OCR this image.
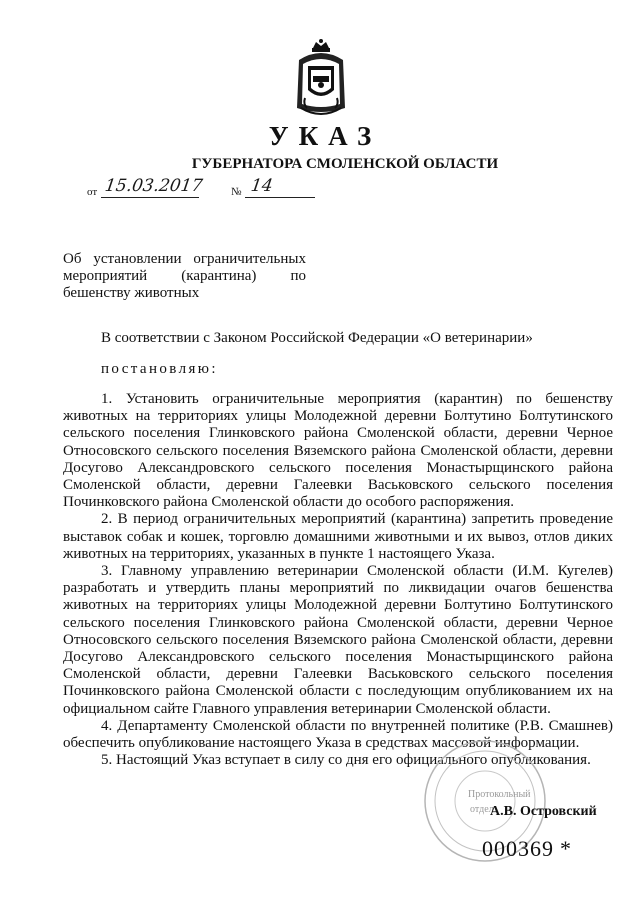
УКАЗ
ГУБЕРНАТОРА СМОЛЕНСКОЙ ОБЛАСТИ
от 15.03.2017 № 14
Об установлении ограничительных
мероприятий (карантина) по
бешенству животных
В соответствии с Законом Российской Федерации «О ветеринарии»
постановляю:

1. Установить ограничительные мероприятия (карантин) по бешенству животных на территориях улицы Молодежной деревни Болтутино Болтутинского сельского поселения Глинковского района Смоленской области, деревни Черное Относовского сельского поселения Вяземского района Смоленской области, деревни Досугово Александровского сельского поселения Монастырщинского района Смоленской области, деревни Галеевки Васьковского сельского поселения Починковского района Смоленской области до особого распоряжения.

2. В период ограничительных мероприятий (карантина) запретить проведение выставок собак и кошек, торговлю домашними животными и их вывоз, отлов диких животных на территориях, указанных в пункте 1 настоящего Указа.

3. Главному управлению ветеринарии Смоленской области (И.М. Кугелев) разработать и утвердить планы мероприятий по ликвидации очагов бешенства животных на территориях улицы Молодежной деревни Болтутино Болтутинского сельского поселения Глинковского района Смоленской области, деревни Черное Относовского сельского поселения Вяземского района Смоленской области, деревни Досугово Александровского сельского поселения Монастырщинского района Смоленской области, деревни Галеевки Васьковского сельского поселения Починковского района Смоленской области с последующим опубликованием их на официальном сайте Главного управления ветеринарии Смоленской области.

4. Департаменту Смоленской области по внутренней политике (Р.В. Смашнев) обеспечить опубликование настоящего Указа в средствах массовой информации.

5. Настоящий Указ вступает в силу со дня его официального опубликования.

Протокольный
отдел
А.В. Островский
000369 *
